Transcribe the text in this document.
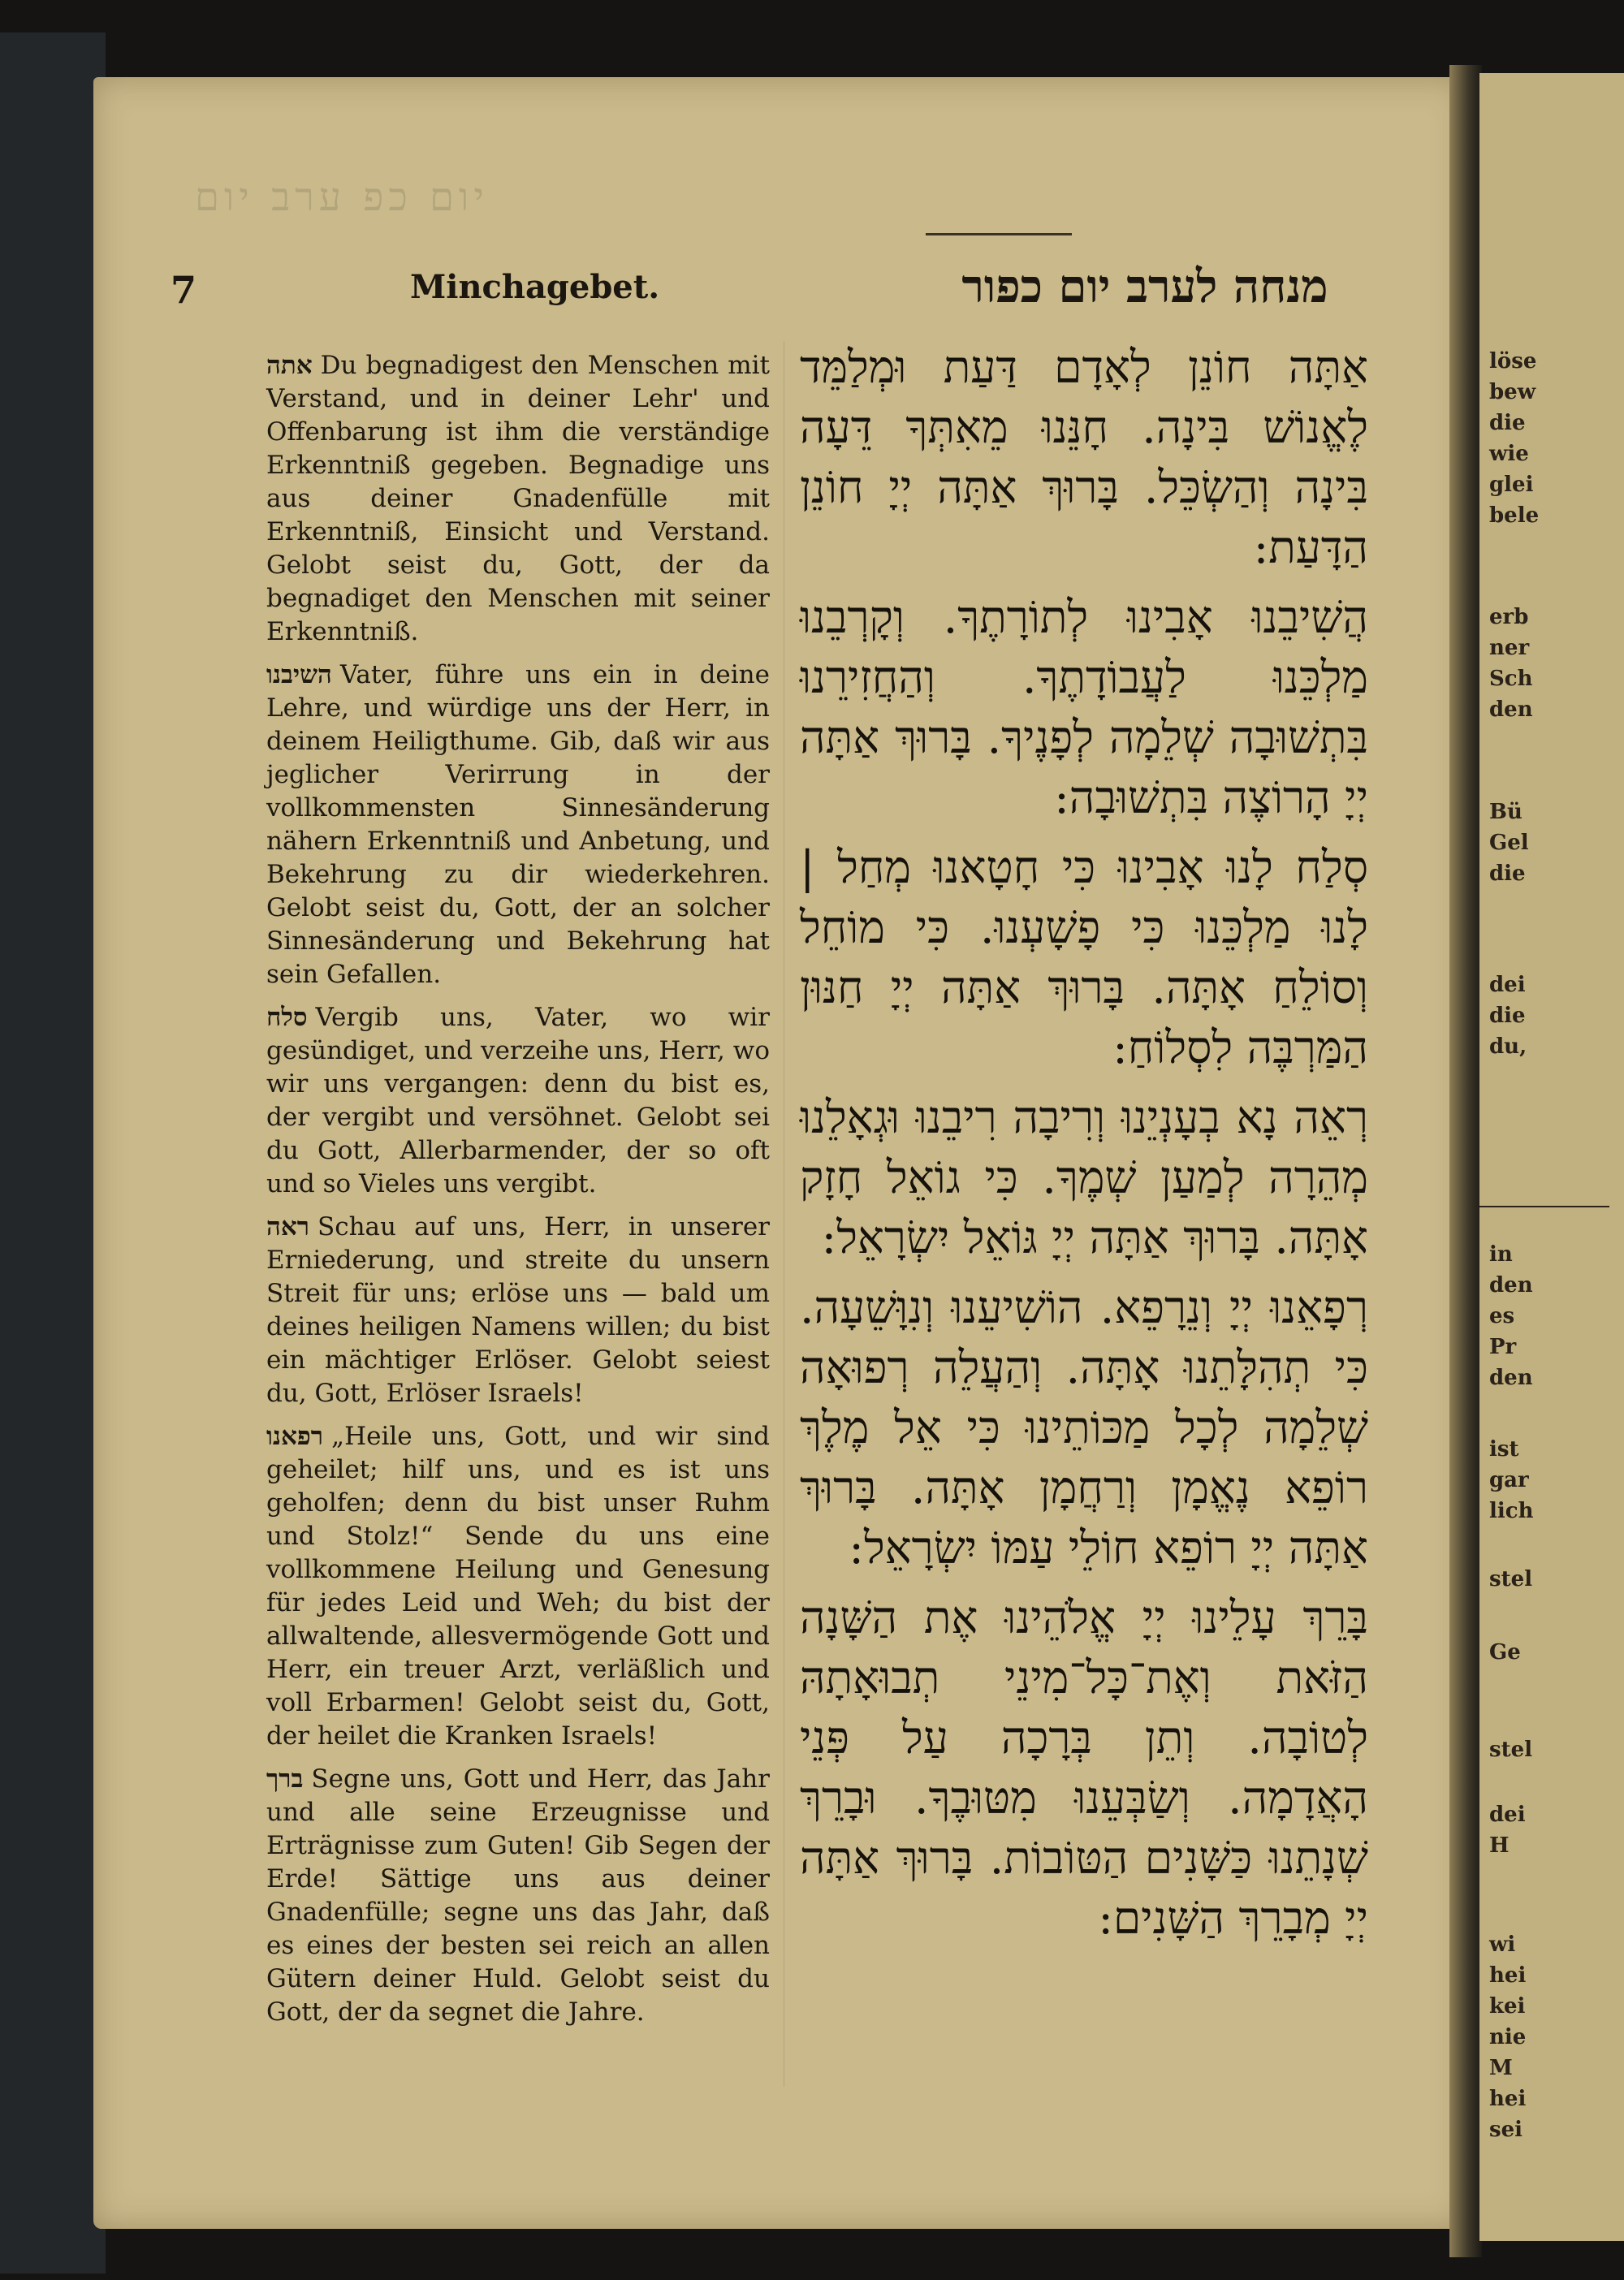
löse
bew
die
wie
glei
bele
erb
ner
Sch
den
Bü
Gel
die
dei
die
du,
in
den
es
Pr
den
ist
gar
lich
stel
Ge
stel
dei
H
wi
hei
kei
nie
M
hei
sei
יום כפ ערב יום
7	Minchagebet.	מנחה לערב יום כפור

אתה Du begnadigest den Menschen mit Verstand, und in deiner Lehr' und Offenbarung ist ihm die verständige Erkenntniß gegeben. Begnadige uns aus deiner Gnadenfülle mit Erkenntniß, Einsicht und Verstand. Gelobt seist du, Gott, der da begnadiget den Menschen mit seiner Erkenntniß.

השיבנו Vater, führe uns ein in deine Lehre, und würdige uns der Herr, in deinem Heiligthume. Gib, daß wir aus jeglicher Verirrung in der vollkommensten Sinnesänderung nähern Erkenntniß und Anbetung, und Bekehrung zu dir wiederkehren. Gelobt seist du, Gott, der an solcher Sinnesänderung und Bekehrung hat sein Gefallen.

סלח Vergib uns, Vater, wo wir gesündiget, und verzeihe uns, Herr, wo wir uns vergangen: denn du bist es, der vergibt und versöhnet. Gelobt sei du Gott, Allerbarmender, der so oft und so Vieles uns vergibt.

ראה Schau auf uns, Herr, in unserer Erniederung, und streite du unsern Streit für uns; erlöse uns — bald um deines heiligen Namens willen; du bist ein mächtiger Erlöser. Gelobt seiest du, Gott, Erlöser Israels!

רפאנו „Heile uns, Gott, und wir sind geheilet; hilf uns, und es ist uns geholfen; denn du bist unser Ruhm und Stolz!“ Sende du uns eine vollkommene Heilung und Genesung für jedes Leid und Weh; du bist der allwaltende, allesvermögende Gott und Herr, ein treuer Arzt, verläßlich und voll Erbarmen! Gelobt seist du, Gott, der heilet die Kranken Israels!

ברך Segne uns, Gott und Herr, das Jahr und alle seine Erzeugnisse und Erträgnisse zum Guten! Gib Segen der Erde! Sättige uns aus deiner Gnadenfülle; segne uns das Jahr, daß es eines der besten sei reich an allen Gütern deiner Huld. Gelobt seist du Gott, der da segnet die Jahre.

אַתָּה חוֹנֵן לְאָדָם דַּעַת וּמְלַמֵּד לֶאֱנוֹשׁ בִּינָה. חָנֵּנוּ מֵאִתְּךָ דֵּעָה בִּינָה וְהַשְׂכֵּל. בָּרוּךְ אַתָּה יְיָ חוֹנֵן הַדָּעַת:

הֲשִׁיבֵנוּ אָבִינוּ לְתוֹרָתֶךָ. וְקָרְבֵנוּ מַלְכֵּנוּ לַעֲבוֹדָתֶךָ. וְהַחֲזִירֵנוּ בִּתְשׁוּבָה שְׁלֵמָה לְפָנֶיךָ. בָּרוּךְ אַתָּה יְיָ הָרוֹצֶה בִּתְשׁוּבָה:

סְלַח לָנוּ אָבִינוּ כִּי חָטָאנוּ מְחַל | לָנוּ מַלְכֵּנוּ כִּי פָשָׁעְנוּ. כִּי מוֹחֵל וְסוֹלֵחַ אָתָּה. בָּרוּךְ אַתָּה יְיָ חַנּוּן הַמַּרְבֶּה לִסְלוֹחַ:

רְאֵה נָא בְעָנְיֵנוּ וְרִיבָה רִיבֵנוּ וּגְאָלֵנוּ מְהֵרָה לְמַעַן שְׁמֶךָ. כִּי גוֹאֵל חָזָק אָתָּה. בָּרוּךְ אַתָּה יְיָ גּוֹאֵל יִשְׂרָאֵל:

רְפָאֵנוּ יְיָ וְנֵרָפֵא. הוֹשִׁיעֵנוּ וְנִוָּשֵׁעָה. כִּי תְהִלָּתֵנוּ אָתָּה. וְהַעֲלֵה רְפוּאָה שְׁלֵמָה לְכָל מַכּוֹתֵינוּ כִּי אֵל מֶלֶךְ רוֹפֵא נֶאֱמָן וְרַחֲמָן אָתָּה. בָּרוּךְ אַתָּה יְיָ רוֹפֵא חוֹלֵי עַמּוֹ יִשְׂרָאֵל:

בָּרֵךְ עָלֵינוּ יְיָ אֱלֹהֵינוּ אֶת הַשָּׁנָה הַזֹּאת וְאֶת־כָּל־מִינֵי תְבוּאָתָהּ לְטוֹבָה. וְתֵן בְּרָכָה עַל פְּנֵי הָאֲדָמָה. וְשַׂבְּעֵנוּ מִטּוּבֶךָ. וּבָרֵךְ שְׁנָתֵנוּ כַּשָּׁנִים הַטּוֹבוֹת. בָּרוּךְ אַתָּה יְיָ מְבָרֵךְ הַשָּׁנִים:
